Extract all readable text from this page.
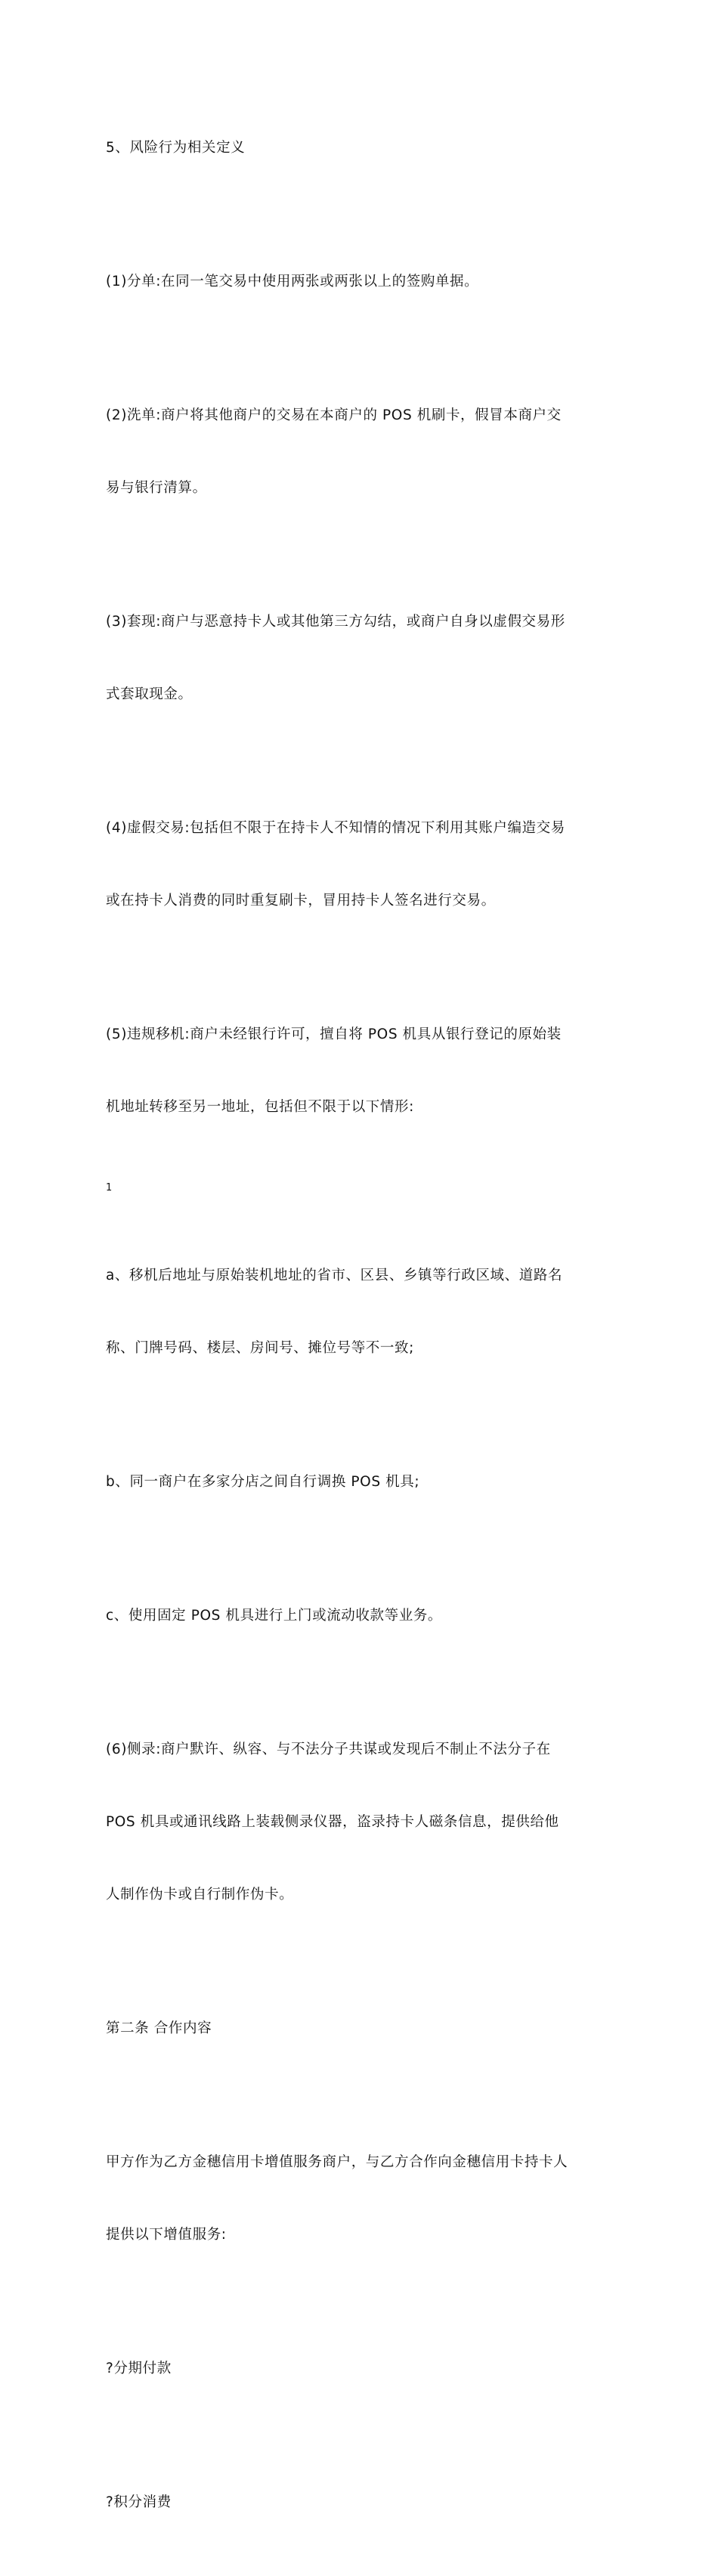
5、风险行为相关定义

(1)分单:在同一笔交易中使用两张或两张以上的签购单据。

(2)洗单:商户将其他商户的交易在本商户的 POS 机刷卡，假冒本商户交

易与银行清算。

(3)套现:商户与恶意持卡人或其他第三方勾结，或商户自身以虚假交易形

式套取现金。

(4)虚假交易:包括但不限于在持卡人不知情的情况下利用其账户编造交易

或在持卡人消费的同时重复刷卡，冒用持卡人签名进行交易。

(5)违规移机:商户未经银行许可，擅自将 POS 机具从银行登记的原始装

机地址转移至另一地址，包括但不限于以下情形:

1

a、移机后地址与原始装机地址的省市、区县、乡镇等行政区域、道路名

称、门牌号码、楼层、房间号、摊位号等不一致;

b、同一商户在多家分店之间自行调换 POS 机具;

c、使用固定 POS 机具进行上门或流动收款等业务。

(6)侧录:商户默许、纵容、与不法分子共谋或发现后不制止不法分子在

POS 机具或通讯线路上装载侧录仪器，盗录持卡人磁条信息，提供给他

人制作伪卡或自行制作伪卡。

第二条 合作内容

甲方作为乙方金穗信用卡增值服务商户，与乙方合作向金穗信用卡持卡人

提供以下增值服务:

?分期付款

?积分消费
